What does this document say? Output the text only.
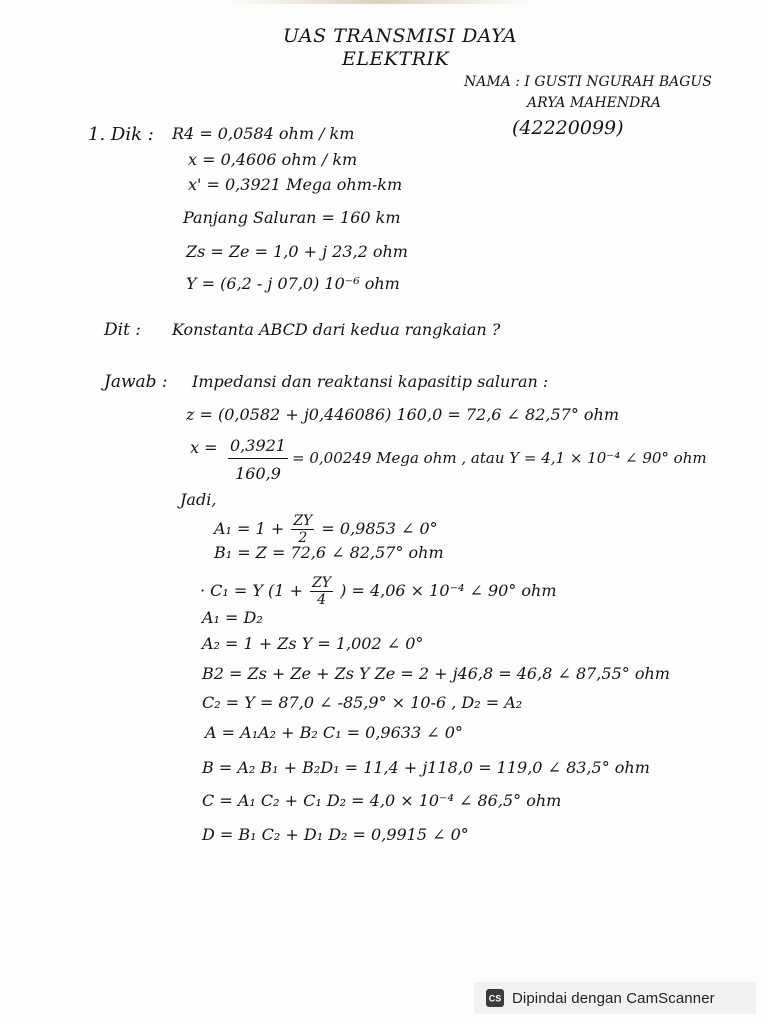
UAS TRANSMISI DAYA
ELEKTRIK
NAMA : I GUSTI NGURAH BAGUS
ARYA MAHENDRA
(42220099)
1. Dik : R4 = 0,0584 ohm / km
x = 0,4606 ohm / km
x' = 0,3921 Mega ohm-km
Panjang Saluran = 160 km
Zs = Ze = 1,0 + j 23,2 ohm
Y = (6,2 - j 07,0) 10⁻⁶ ohm
Dit : Konstanta ABCD dari kedua rangkaian ?
Jawab : Impedansi dan reaktansi kapasitip saluran :
z = (0,0582 + j0,446086) 160,0 = 72,6 ∠ 82,57° ohm
$x = \frac{0,3921}{160,9} = 0,00249$ Mega ohm , atau Y = 4,1 × 10⁻⁴ ∠ 90° ohm
Jadi,
$A_1 = 1 + \frac{ZY}{2} = 0,9853$ ∠ 0°
B₁ = Z = 72,6 ∠ 82,57° ohm
· C₁ = Y ($1 + \frac{ZY}{4}$ ) = 4,06 × 10⁻⁴ ∠ 90° ohm
A₁ = D₂
A₂ = 1 + Zs Y = 1,002 ∠ 0°
B2 = Zs + Ze + Zs Y Ze = 2 + j46,8 = 46,8 ∠ 87,55° ohm
C₂ = Y = 87,0 ∠ -85,9° × 10-6 , D₂ = A₂
A = A₁A₂ + B₂ C₁ = 0,9633 ∠ 0°
B = A₂ B₁ + B₂D₁ = 11,4 + j118,0 = 119,0 ∠ 83,5° ohm
C = A₁ C₂ + C₁ D₂ = 4,0 × 10⁻⁴ ∠ 86,5° ohm
D = B₁ C₂ + D₁ D₂ = 0,9915 ∠ 0°
CS Dipindai dengan CamScanner
